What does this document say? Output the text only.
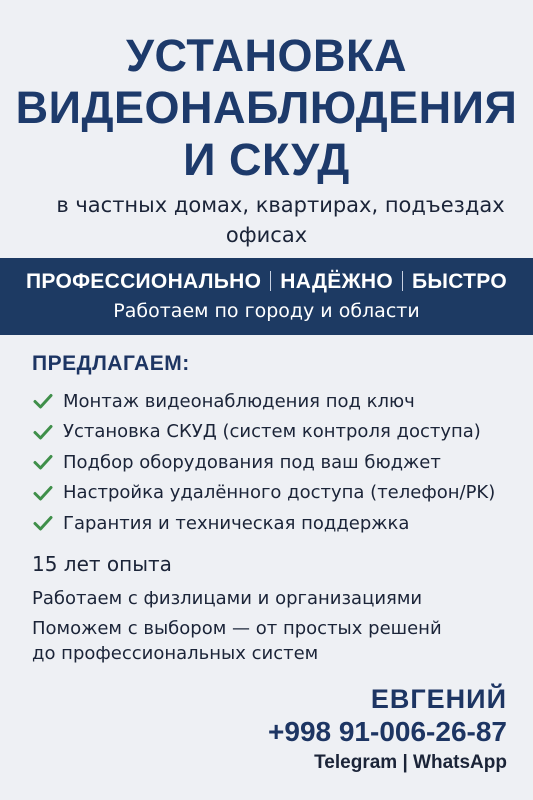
УСТАНОВКА
ВИДЕОНАБЛЮДЕНИЯ
И СКУД
в частных домах, квартирах, подъездах
офисах
ПРОФЕССИОНАЛЬНО НАДЁЖНО БЫСТРО
Работаем по городу и области
ПРЕДЛАГАЕМ:
Монтаж видеонаблюдения под ключ
Установка СКУД (систем контроля доступа)
Подбор оборудования под ваш бюджет
Настройка удалённого доступа (телефон/PK)
Гарантия и техническая поддержка
15 лет опыта
Работаем с физлицами и организациями
Поможем с выбором — от простых решенй
до профессиональных систем
ЕВГЕНИЙ
+998 91-006-26-87
Telegram | WhatsApp
